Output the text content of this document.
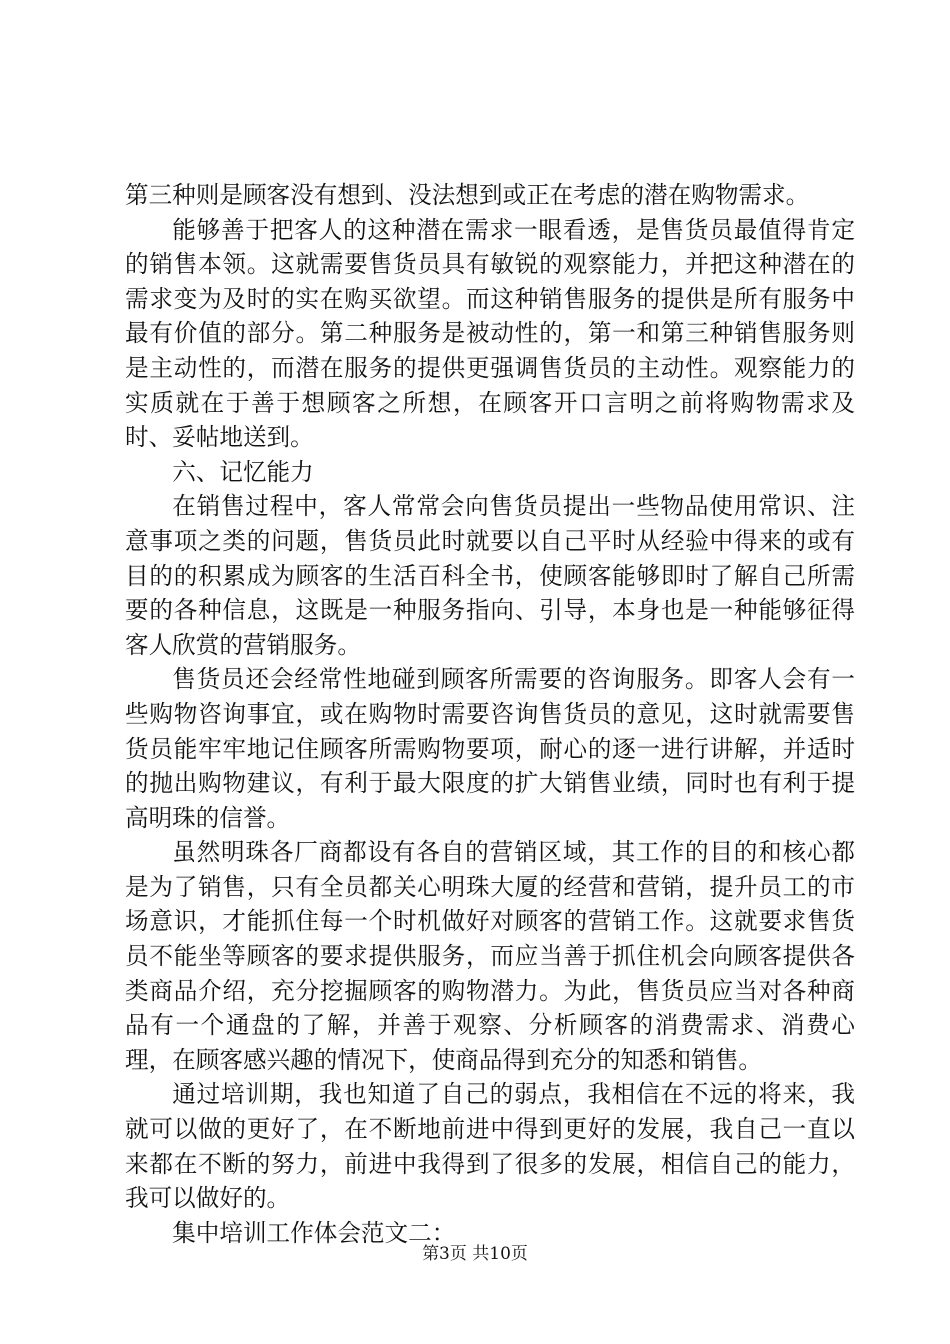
第三种则是顾客没有想到、没法想到或正在考虑的潜在购物需求。

能够善于把客人的这种潜在需求一眼看透，是售货员最值得肯定的销售本领。这就需要售货员具有敏锐的观察能力，并把这种潜在的需求变为及时的实在购买欲望。而这种销售服务的提供是所有服务中最有价值的部分。第二种服务是被动性的，第一和第三种销售服务则是主动性的，而潜在服务的提供更强调售货员的主动性。观察能力的实质就在于善于想顾客之所想，在顾客开口言明之前将购物需求及时、妥帖地送到。

六、记忆能力

在销售过程中，客人常常会向售货员提出一些物品使用常识、注意事项之类的问题，售货员此时就要以自己平时从经验中得来的或有目的的积累成为顾客的生活百科全书，使顾客能够即时了解自己所需要的各种信息，这既是一种服务指向、引导，本身也是一种能够征得客人欣赏的营销服务。

售货员还会经常性地碰到顾客所需要的咨询服务。即客人会有一些购物咨询事宜，或在购物时需要咨询售货员的意见，这时就需要售货员能牢牢地记住顾客所需购物要项，耐心的逐一进行讲解，并适时的抛出购物建议，有利于最大限度的扩大销售业绩，同时也有利于提高明珠的信誉。

虽然明珠各厂商都设有各自的营销区域，其工作的目的和核心都是为了销售，只有全员都关心明珠大厦的经营和营销，提升员工的市场意识，才能抓住每一个时机做好对顾客的营销工作。这就要求售货员不能坐等顾客的要求提供服务，而应当善于抓住机会向顾客提供各类商品介绍，充分挖掘顾客的购物潜力。为此，售货员应当对各种商品有一个通盘的了解，并善于观察、分析顾客的消费需求、消费心理，在顾客感兴趣的情况下，使商品得到充分的知悉和销售。

通过培训期，我也知道了自己的弱点，我相信在不远的将来，我就可以做的更好了，在不断地前进中得到更好的发展，我自己一直以来都在不断的努力，前进中我得到了很多的发展，相信自己的能力，我可以做好的。

集中培训工作体会范文二：

第3页 共10页
